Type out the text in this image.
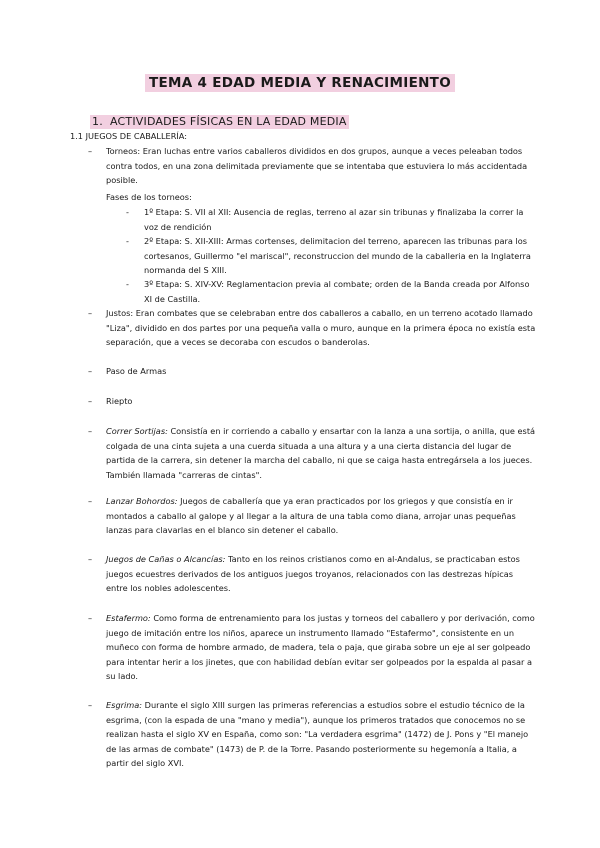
TEMA 4 EDAD MEDIA Y RENACIMIENTO
1. ACTIVIDADES FÍSICAS EN LA EDAD MEDIA
1.1 JUEGOS DE CABALLERÍA:
– Torneos: Eran luchas entre varios caballeros divididos en dos grupos, aunque a veces peleaban todos contra todos, en una zona delimitada previamente que se intentaba que estuviera lo más accidentada posible.
Fases de los torneos:
- 1º Etapa: S. VII al XII: Ausencia de reglas, terreno al azar sin tribunas y finalizaba la correr la voz de rendición
- 2º Etapa: S. XII-XIII: Armas cortenses, delimitacion del terreno, aparecen las tribunas para los cortesanos, Guillermo "el mariscal", reconstruccion del mundo de la caballeria en la Inglaterra normanda del S XIII.
- 3º Etapa: S. XIV-XV: Reglamentacion previa al combate; orden de la Banda creada por Alfonso XI de Castilla.
– Justos: Eran combates que se celebraban entre dos caballeros a caballo, en un terreno acotado llamado "Liza", dividido en dos partes por una pequeña valla o muro, aunque en la primera época no existía esta separación, que a veces se decoraba con escudos o banderolas.
– Paso de Armas
– Riepto
– Correr Sortijas: Consistía en ir corriendo a caballo y ensartar con la lanza a una sortija, o anilla, que está colgada de una cinta sujeta a una cuerda situada a una altura y a una cierta distancia del lugar de partida de la carrera, sin detener la marcha del caballo, ni que se caiga hasta entregársela a los jueces. También llamada "carreras de cintas".
– Lanzar Bohordos: Juegos de caballería que ya eran practicados por los griegos y que consistía en ir montados a caballo al galope y al llegar a la altura de una tabla como diana, arrojar unas pequeñas lanzas para clavarlas en el blanco sin detener el caballo.
– Juegos de Cañas o Alcancías: Tanto en los reinos cristianos como en al-Andalus, se practicaban estos juegos ecuestres derivados de los antiguos juegos troyanos, relacionados con las destrezas hípicas entre los nobles adolescentes.
– Estafermo: Como forma de entrenamiento para los justas y torneos del caballero y por derivación, como juego de imitación entre los niños, aparece un instrumento llamado "Estafermo", consistente en un muñeco con forma de hombre armado, de madera, tela o paja, que giraba sobre un eje al ser golpeado para intentar herir a los jinetes, que con habilidad debían evitar ser golpeados por la espalda al pasar a su lado.
– Esgrima: Durante el siglo XIII surgen las primeras referencias a estudios sobre el estudio técnico de la esgrima, (con la espada de una "mano y media"), aunque los primeros tratados que conocemos no se realizan hasta el siglo XV en España, como son: "La verdadera esgrima" (1472) de J. Pons y "El manejo de las armas de combate" (1473) de P. de la Torre. Pasando posteriormente su hegemonía a Italia, a partir del siglo XVI.
